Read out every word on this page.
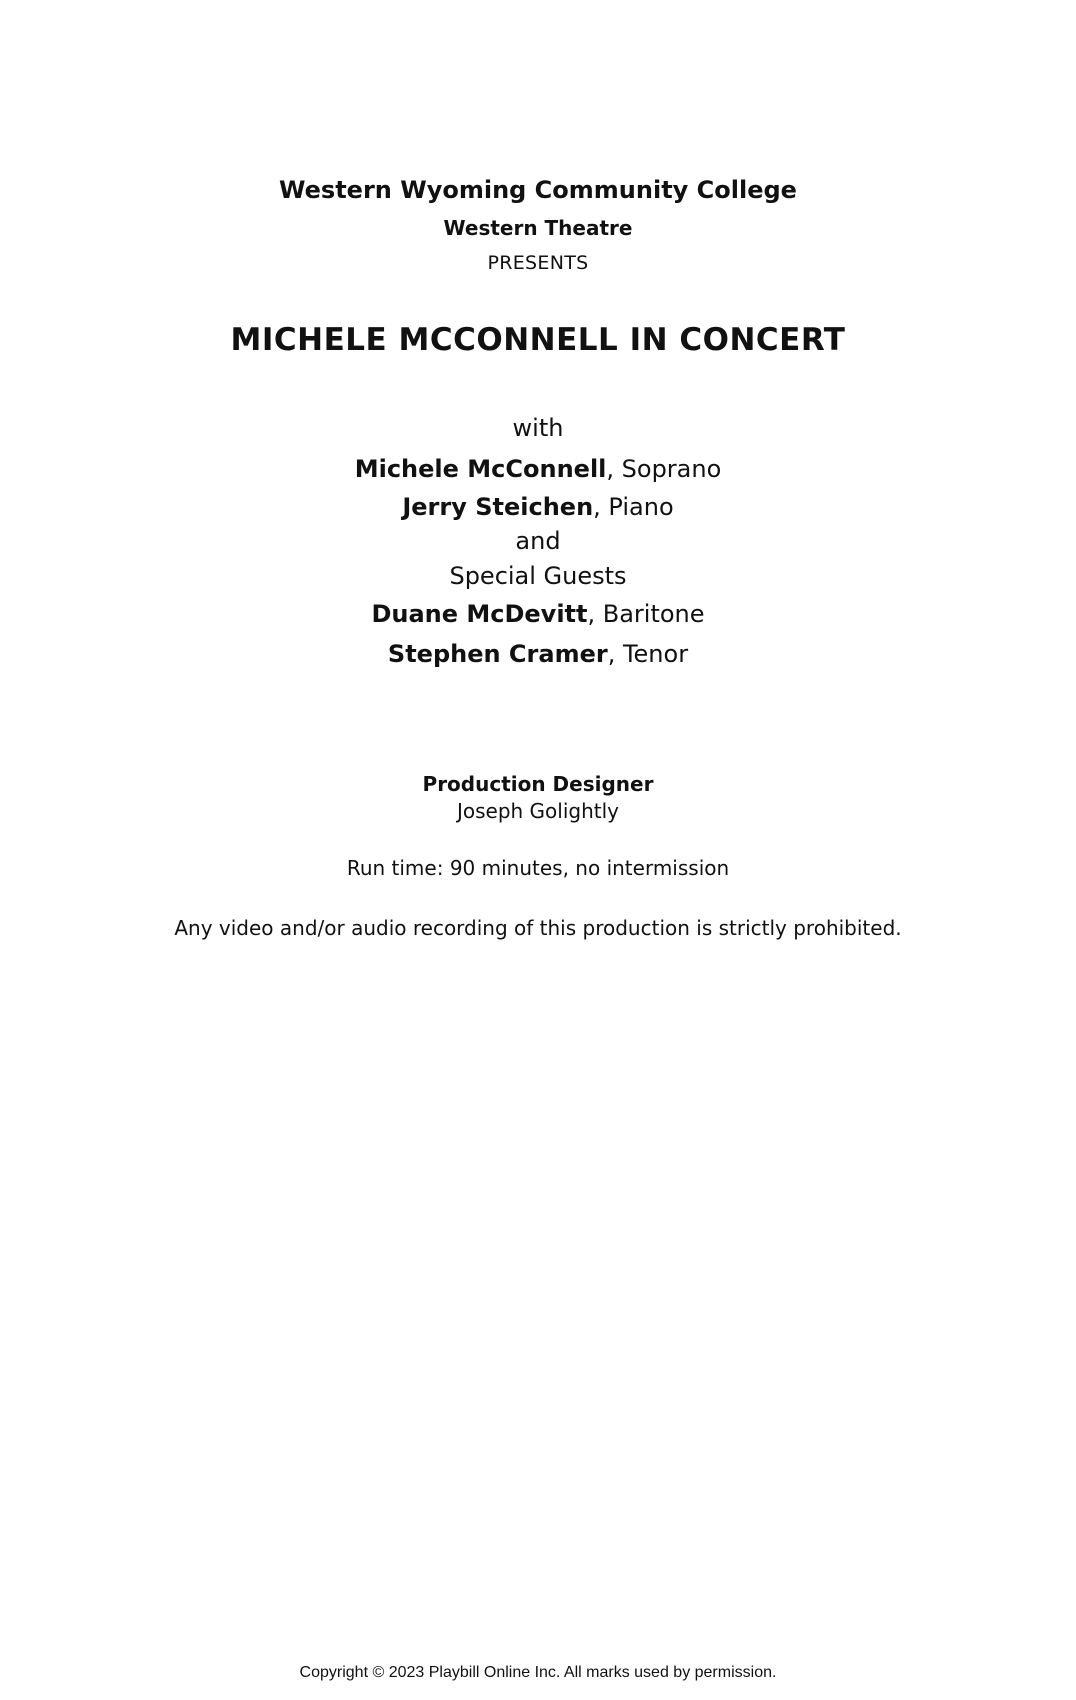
Western Wyoming Community College
Western Theatre
PRESENTS
MICHELE MCCONNELL IN CONCERT
with
Michele McConnell, Soprano
Jerry Steichen, Piano
and
Special Guests
Duane McDevitt, Baritone
Stephen Cramer, Tenor
Production Designer
Joseph Golightly
Run time: 90 minutes, no intermission
Any video and/or audio recording of this production is strictly prohibited.
Copyright © 2023 Playbill Online Inc. All marks used by permission.
